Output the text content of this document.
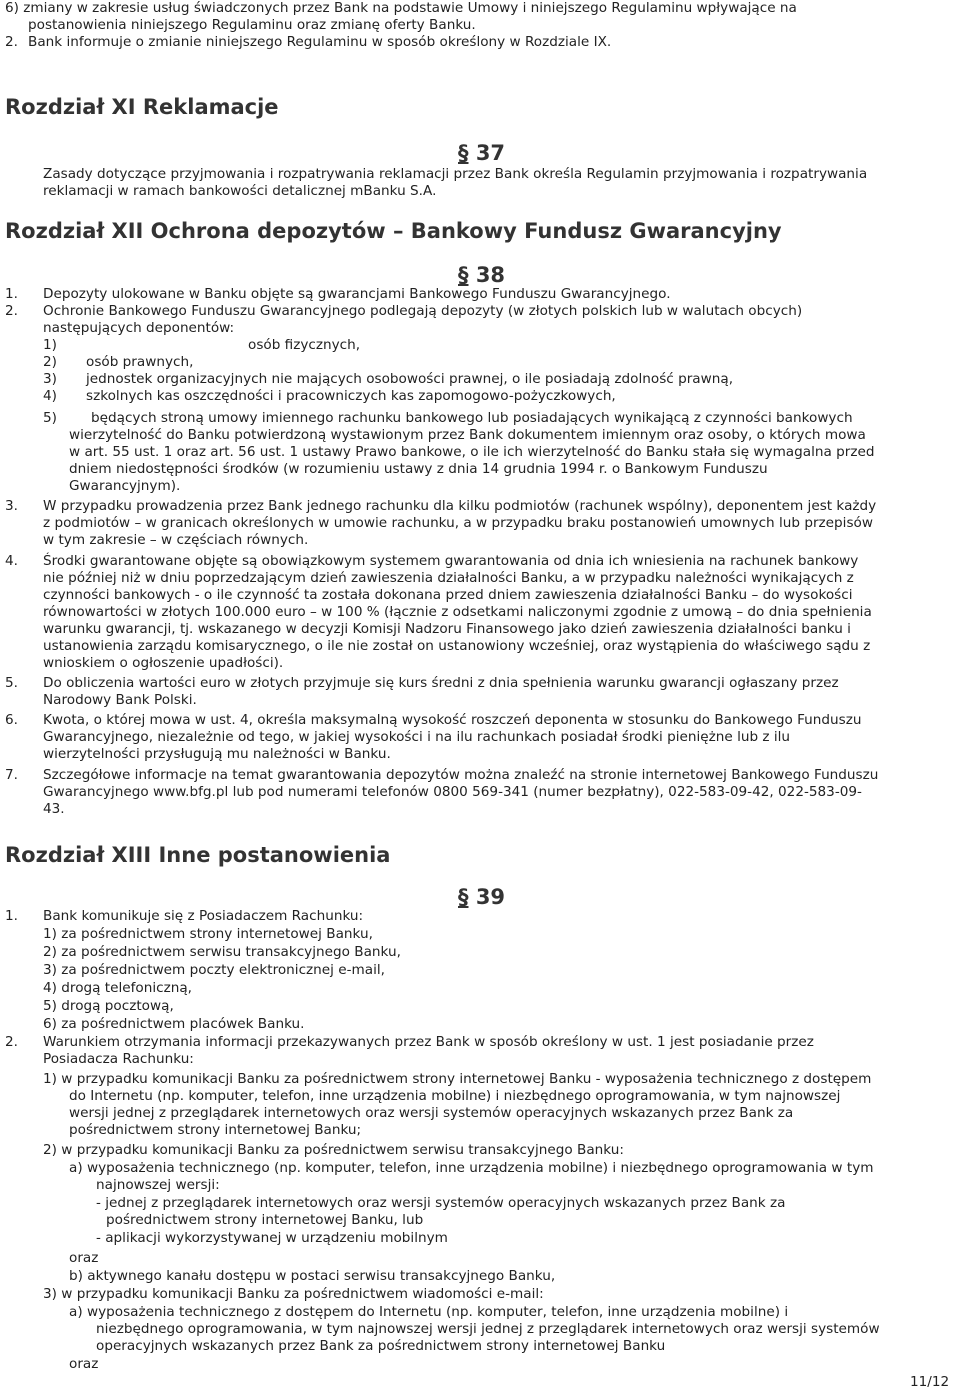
6) zmiany w zakresie usług świadczonych przez Bank na podstawie Umowy i niniejszego Regulaminu wpływające na
postanowienia niniejszego Regulaminu oraz zmianę oferty Banku.
2. Bank informuje o zmianie niniejszego Regulaminu w sposób określony w Rozdziale IX.
Rozdział XI Reklamacje
§ 37
Zasady dotyczące przyjmowania i rozpatrywania reklamacji przez Bank określa Regulamin przyjmowania i rozpatrywania
reklamacji w ramach bankowości detalicznej mBanku S.A.
Rozdział XII Ochrona depozytów – Bankowy Fundusz Gwarancyjny
§ 38
1. Depozyty ulokowane w Banku objęte są gwarancjami Bankowego Funduszu Gwarancyjnego.
2. Ochronie Bankowego Funduszu Gwarancyjnego podlegają depozyty (w złotych polskich lub w walutach obcych)
następujących deponentów:
1)	osób fizycznych,
2) osób prawnych,
3) jednostek organizacyjnych nie mających osobowości prawnej, o ile posiadają zdolność prawną,
4) szkolnych kas oszczędności i pracowniczych kas zapomogowo-pożyczkowych,
5)	będących stroną umowy imiennego rachunku bankowego lub posiadających wynikającą z czynności bankowych
wierzytelność do Banku potwierdzoną wystawionym przez Bank dokumentem imiennym oraz osoby, o których mowa
w art. 55 ust. 1 oraz art. 56 ust. 1 ustawy Prawo bankowe, o ile ich wierzytelność do Banku stała się wymagalna przed
dniem niedostępności środków (w rozumieniu ustawy z dnia 14 grudnia 1994 r. o Bankowym Funduszu
Gwarancyjnym).
3. W przypadku prowadzenia przez Bank jednego rachunku dla kilku podmiotów (rachunek wspólny), deponentem jest każdy
z podmiotów – w granicach określonych w umowie rachunku, a w przypadku braku postanowień umownych lub przepisów
w tym zakresie – w częściach równych.
4. Środki gwarantowane objęte są obowiązkowym systemem gwarantowania od dnia ich wniesienia na rachunek bankowy
nie później niż w dniu poprzedzającym dzień zawieszenia działalności Banku, a w przypadku należności wynikających z
czynności bankowych - o ile czynność ta została dokonana przed dniem zawieszenia działalności Banku – do wysokości
równowartości w złotych 100.000 euro – w 100 % (łącznie z odsetkami naliczonymi zgodnie z umową – do dnia spełnienia
warunku gwarancji, tj. wskazanego w decyzji Komisji Nadzoru Finansowego jako dzień zawieszenia działalności banku i
ustanowienia zarządu komisarycznego, o ile nie został on ustanowiony wcześniej, oraz wystąpienia do właściwego sądu z
wnioskiem o ogłoszenie upadłości).
5. Do obliczenia wartości euro w złotych przyjmuje się kurs średni z dnia spełnienia warunku gwarancji ogłaszany przez
Narodowy Bank Polski.
6. Kwota, o której mowa w ust. 4, określa maksymalną wysokość roszczeń deponenta w stosunku do Bankowego Funduszu
Gwarancyjnego, niezależnie od tego, w jakiej wysokości i na ilu rachunkach posiadał środki pieniężne lub z ilu
wierzytelności przysługują mu należności w Banku.
7. Szczegółowe informacje na temat gwarantowania depozytów można znaleźć na stronie internetowej Bankowego Funduszu
Gwarancyjnego www.bfg.pl lub pod numerami telefonów 0800 569-341 (numer bezpłatny), 022-583-09-42, 022-583-09-
43.
Rozdział XIII Inne postanowienia
§ 39
1. Bank komunikuje się z Posiadaczem Rachunku:
1) za pośrednictwem strony internetowej Banku,
2) za pośrednictwem serwisu transakcyjnego Banku,
3) za pośrednictwem poczty elektronicznej e-mail,
4) drogą telefoniczną,
5) drogą pocztową,
6) za pośrednictwem placówek Banku.
2. Warunkiem otrzymania informacji przekazywanych przez Bank w sposób określony w ust. 1 jest posiadanie przez
Posiadacza Rachunku:
1) w przypadku komunikacji Banku za pośrednictwem strony internetowej Banku - wyposażenia technicznego z dostępem
do Internetu (np. komputer, telefon, inne urządzenia mobilne) i niezbędnego oprogramowania, w tym najnowszej
wersji jednej z przeglądarek internetowych oraz wersji systemów operacyjnych wskazanych przez Bank za
pośrednictwem strony internetowej Banku;
2) w przypadku komunikacji Banku za pośrednictwem serwisu transakcyjnego Banku:
a) wyposażenia technicznego (np. komputer, telefon, inne urządzenia mobilne) i niezbędnego oprogramowania w tym
najnowszej wersji:
- jednej z przeglądarek internetowych oraz wersji systemów operacyjnych wskazanych przez Bank za
pośrednictwem strony internetowej Banku, lub
- aplikacji wykorzystywanej w urządzeniu mobilnym
oraz
b) aktywnego kanału dostępu w postaci serwisu transakcyjnego Banku,
3) w przypadku komunikacji Banku za pośrednictwem wiadomości e-mail:
a) wyposażenia technicznego z dostępem do Internetu (np. komputer, telefon, inne urządzenia mobilne) i
niezbędnego oprogramowania, w tym najnowszej wersji jednej z przeglądarek internetowych oraz wersji systemów
operacyjnych wskazanych przez Bank za pośrednictwem strony internetowej Banku
oraz
11/12
